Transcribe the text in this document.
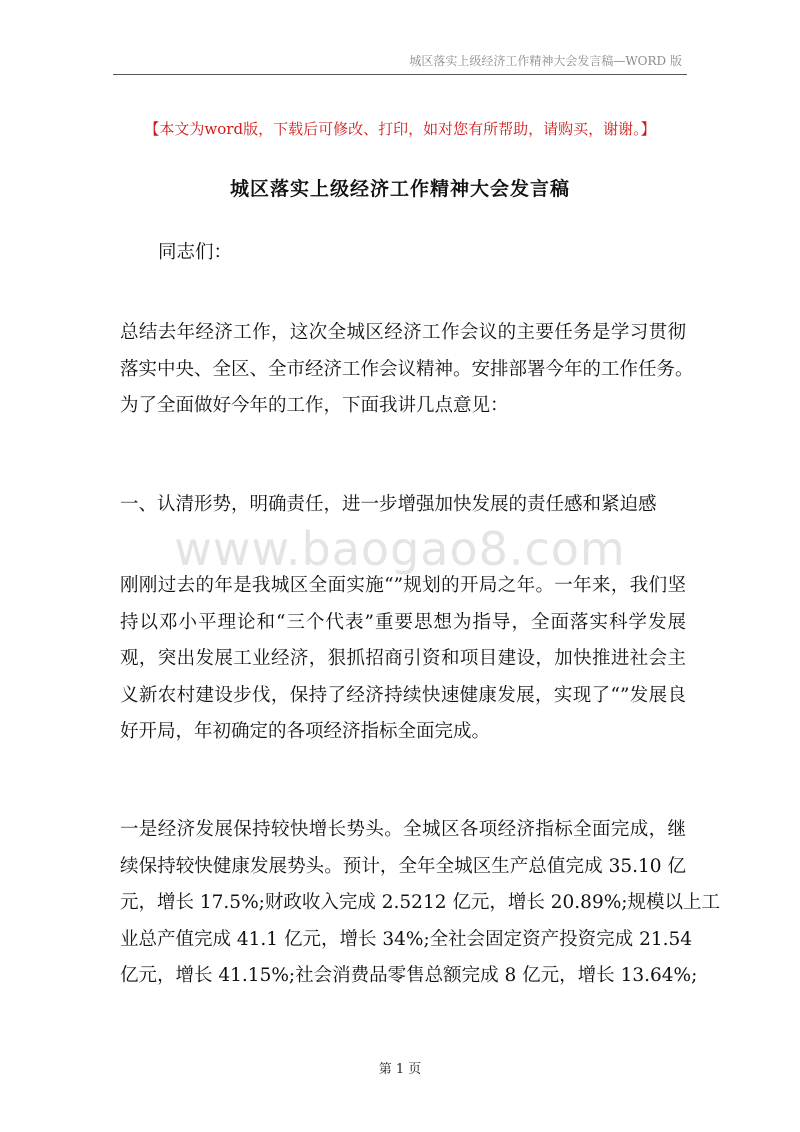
城区落实上级经济工作精神大会发言稿—WORD 版
【本文为word版，下载后可修改、打印，如对您有所帮助，请购买，谢谢。】
城区落实上级经济工作精神大会发言稿
同志们：
总结去年经济工作，这次全城区经济工作会议的主要任务是学习贯彻
落实中央、全区、全市经济工作会议精神。安排部署今年的工作任务。
为了全面做好今年的工作，下面我讲几点意见：
一、认清形势，明确责任，进一步增强加快发展的责任感和紧迫感
www.baogao8.com
刚刚过去的年是我城区全面实施“”规划的开局之年。一年来，我们坚
持以邓小平理论和“三个代表”重要思想为指导，全面落实科学发展
观，突出发展工业经济，狠抓招商引资和项目建设，加快推进社会主
义新农村建设步伐，保持了经济持续快速健康发展，实现了“”发展良
好开局，年初确定的各项经济指标全面完成。
一是经济发展保持较快增长势头。全城区各项经济指标全面完成，继
续保持较快健康发展势头。预计，全年全城区生产总值完成 35.10 亿
元，增长 17.5%;财政收入完成 2.5212 亿元，增长 20.89%;规模以上工
业总产值完成 41.1 亿元，增长 34%;全社会固定资产投资完成 21.54
亿元，增长 41.15%;社会消费品零售总额完成 8 亿元，增长 13.64%;
第 1 页
